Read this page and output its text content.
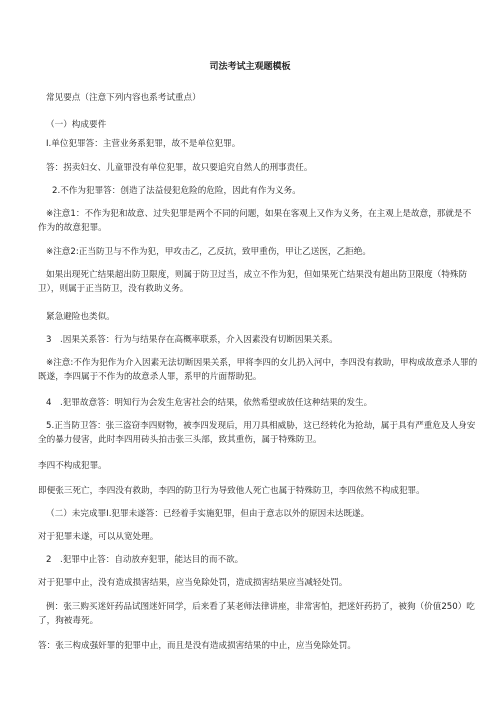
司法考试主观题模板
常见要点（注意下列内容也系考试重点）
（一）构成要件
Ⅰ.单位犯罪答：主营业务系犯罪，故不是单位犯罪。
答：拐卖妇女、儿童罪没有单位犯罪，故只要追究自然人的刑事责任。
2.不作为犯罪答：创造了法益侵犯危险的危险，因此有作为义务。
※注意1：不作为犯和故意、过失犯罪是两个不同的问题，如果在客观上又作为义务，在主观上是故意，那就是不作为的故意犯罪。
※注意2:正当防卫与不作为犯，甲攻击乙，乙反抗，致甲重伤，甲让乙送医，乙拒绝。
如果出现死亡结果超出防卫限度，则属于防卫过当，成立不作为犯，但如果死亡结果没有超出防卫限度（特殊防卫），则属于正当防卫，没有救助义务。
紧急避险也类似。
3　.因果关系答：行为与结果存在高概率联系，介入因素没有切断因果关系。
※注意:不作为犯作为介入因素无法切断因果关系，甲将李四的女儿扔入河中，李四没有救助，甲构成故意杀人罪的既遂，李四属于不作为的故意杀人罪，系甲的片面帮助犯。
4　.犯罪故意答：明知行为会发生危害社会的结果，依然希望或放任这种结果的发生。
5.正当防卫答：张三盗窃李四财物，被李四发现后，用刀具相威胁，这已经转化为抢劫，属于具有严重危及人身安全的暴力侵害，此时李四用砖头拍击张三头部，致其重伤，属于特殊防卫。
李四不构成犯罪。
即便张三死亡，李四没有救助，李四的防卫行为导致他人死亡也属于特殊防卫，李四依然不构成犯罪。
（二）未完成罪Ⅰ.犯罪未遂答：已经着手实施犯罪，但由于意志以外的原因未达既遂。
对于犯罪未遂，可以从宽处理。
2　.犯罪中止答：自动放弃犯罪，能达目的而不欲。
对于犯罪中止，没有造成损害结果，应当免除处罚，造成损害结果应当减轻处罚。
例：张三购买迷奸药品试图迷奸同学，后来看了某老师法律讲座，非常害怕，把迷奸药扔了，被狗（价值250）吃了，狗被毒死。
答：张三构成强奸罪的犯罪中止，而且是没有造成损害结果的中止，应当免除处罚。
